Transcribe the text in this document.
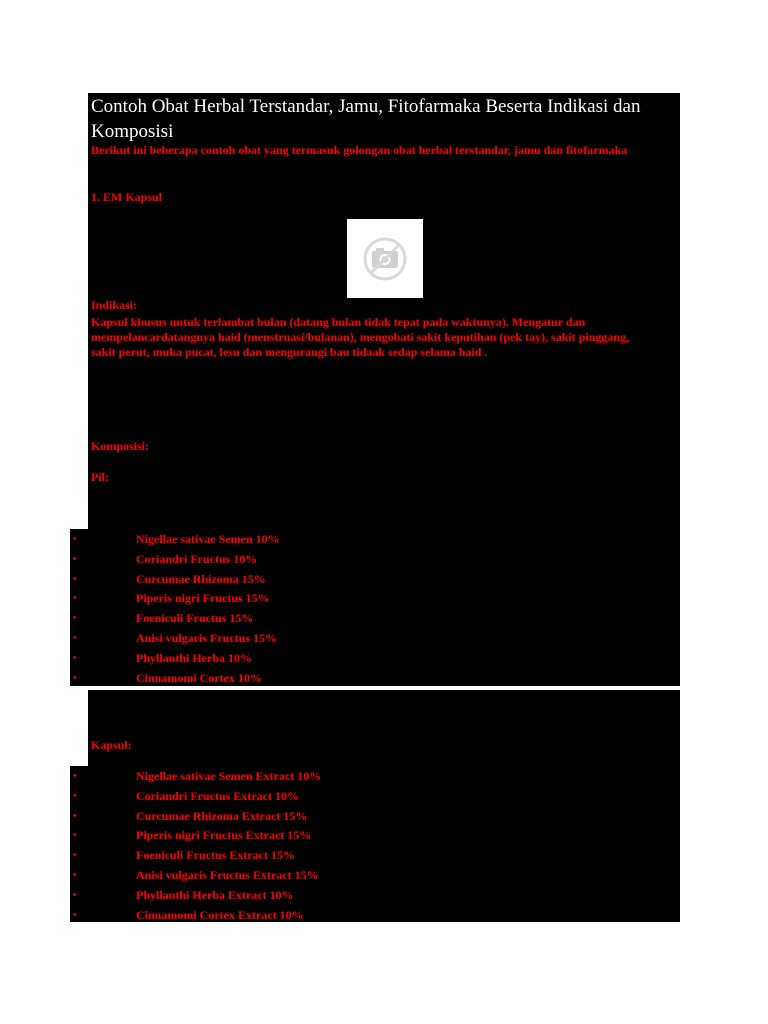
Contoh Obat Herbal Terstandar, Jamu, Fitofarmaka Beserta Indikasi dan Komposisi
Berikut ini beberapa contoh obat yang termasuk golongan obat herbal terstandar, jamu dan fitofarmaka
1. EM Kapsul
Indikasi:
Kapsul khusus untuk terlambat bulan (datang bulan tidak tepat pada waktunya). Mengatur dan mempelancardatangnya haid (menstruasi/bulanan), mengobati sakit keputihan (pek tay), sakit pinggang, sakit perut, muka pucat, lesu dan mengurangi bau tidaak sedap selama haid .
Komposisi:
Pil:
•	Nigellae sativae Semen 10%
•	Coriandri Fructus 10%
•	Curcumae Rhizoma 15%
•	Piperis nigri Fructus 15%
•	Foeniculi Fructus 15%
•	Anisi vulgaris Fructus 15%
•	Phyllanthi Herba 10%
•	Cinnamomi Cortex 10%
Kapsul:
•	Nigellae sativae Semen Extract 10%
•	Coriandri Fructus Extract 10%
•	Curcumae Rhizoma Extract 15%
•	Piperis nigri Fructus Extract 15%
•	Foeniculi Fructus Extract 15%
•	Anisi vulgaris Fructus Extract 15%
•	Phyllanthi Herba Extract 10%
•	Cinnamomi Cortex Extract 10%
